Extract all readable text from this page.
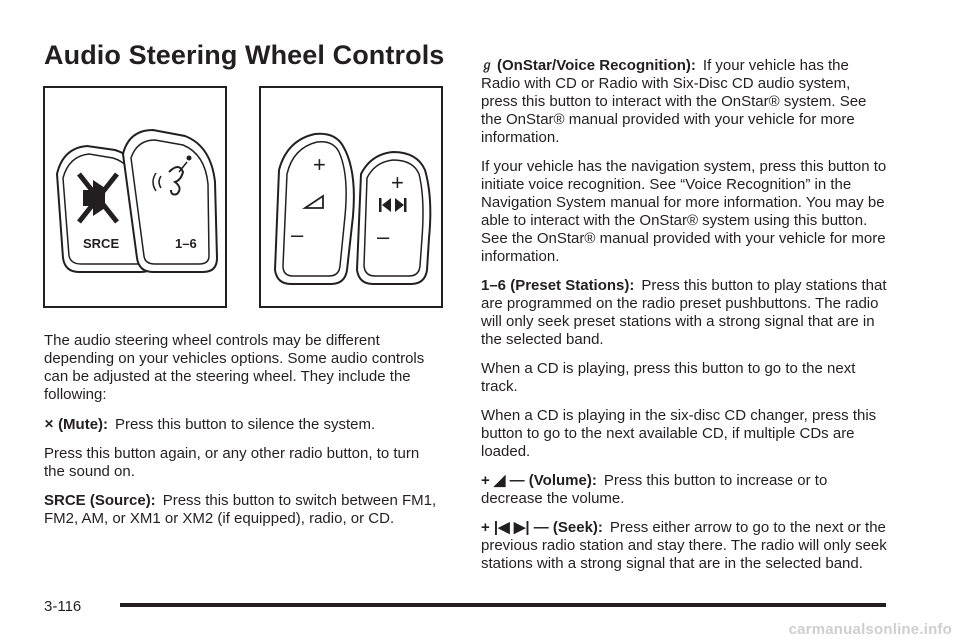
Audio Steering Wheel Controls
SRCE	1–6
+
–
+
–

The audio steering wheel controls may be different depending on your vehicles options. Some audio controls can be adjusted at the steering wheel. They include the following:

✕ (Mute): Press this button to silence the system.

Press this button again, or any other radio button, to turn the sound on.

SRCE (Source): Press this button to switch between FM1, FM2, AM, or XM1 or XM2 (if equipped), radio, or CD.

ℊ (OnStar/Voice Recognition): If your vehicle has the Radio with CD or Radio with Six-Disc CD audio system, press this button to interact with the OnStar® system. See the OnStar® manual provided with your vehicle for more information.

If your vehicle has the navigation system, press this button to initiate voice recognition. See “Voice Recognition” in the Navigation System manual for more information. You may be able to interact with the OnStar® system using this button. See the OnStar® manual provided with your vehicle for more information.

1–6 (Preset Stations): Press this button to play stations that are programmed on the radio preset pushbuttons. The radio will only seek preset stations with a strong signal that are in the selected band.

When a CD is playing, press this button to go to the next track.

When a CD is playing in the six-disc CD changer, press this button to go to the next available CD, if multiple CDs are loaded.

+ ◢ — (Volume): Press this button to increase or to decrease the volume.

+ |◀ ▶| — (Seek): Press either arrow to go to the next or the previous radio station and stay there. The radio will only seek stations with a strong signal that are in the selected band.

3-116
carmanualsonline.info
